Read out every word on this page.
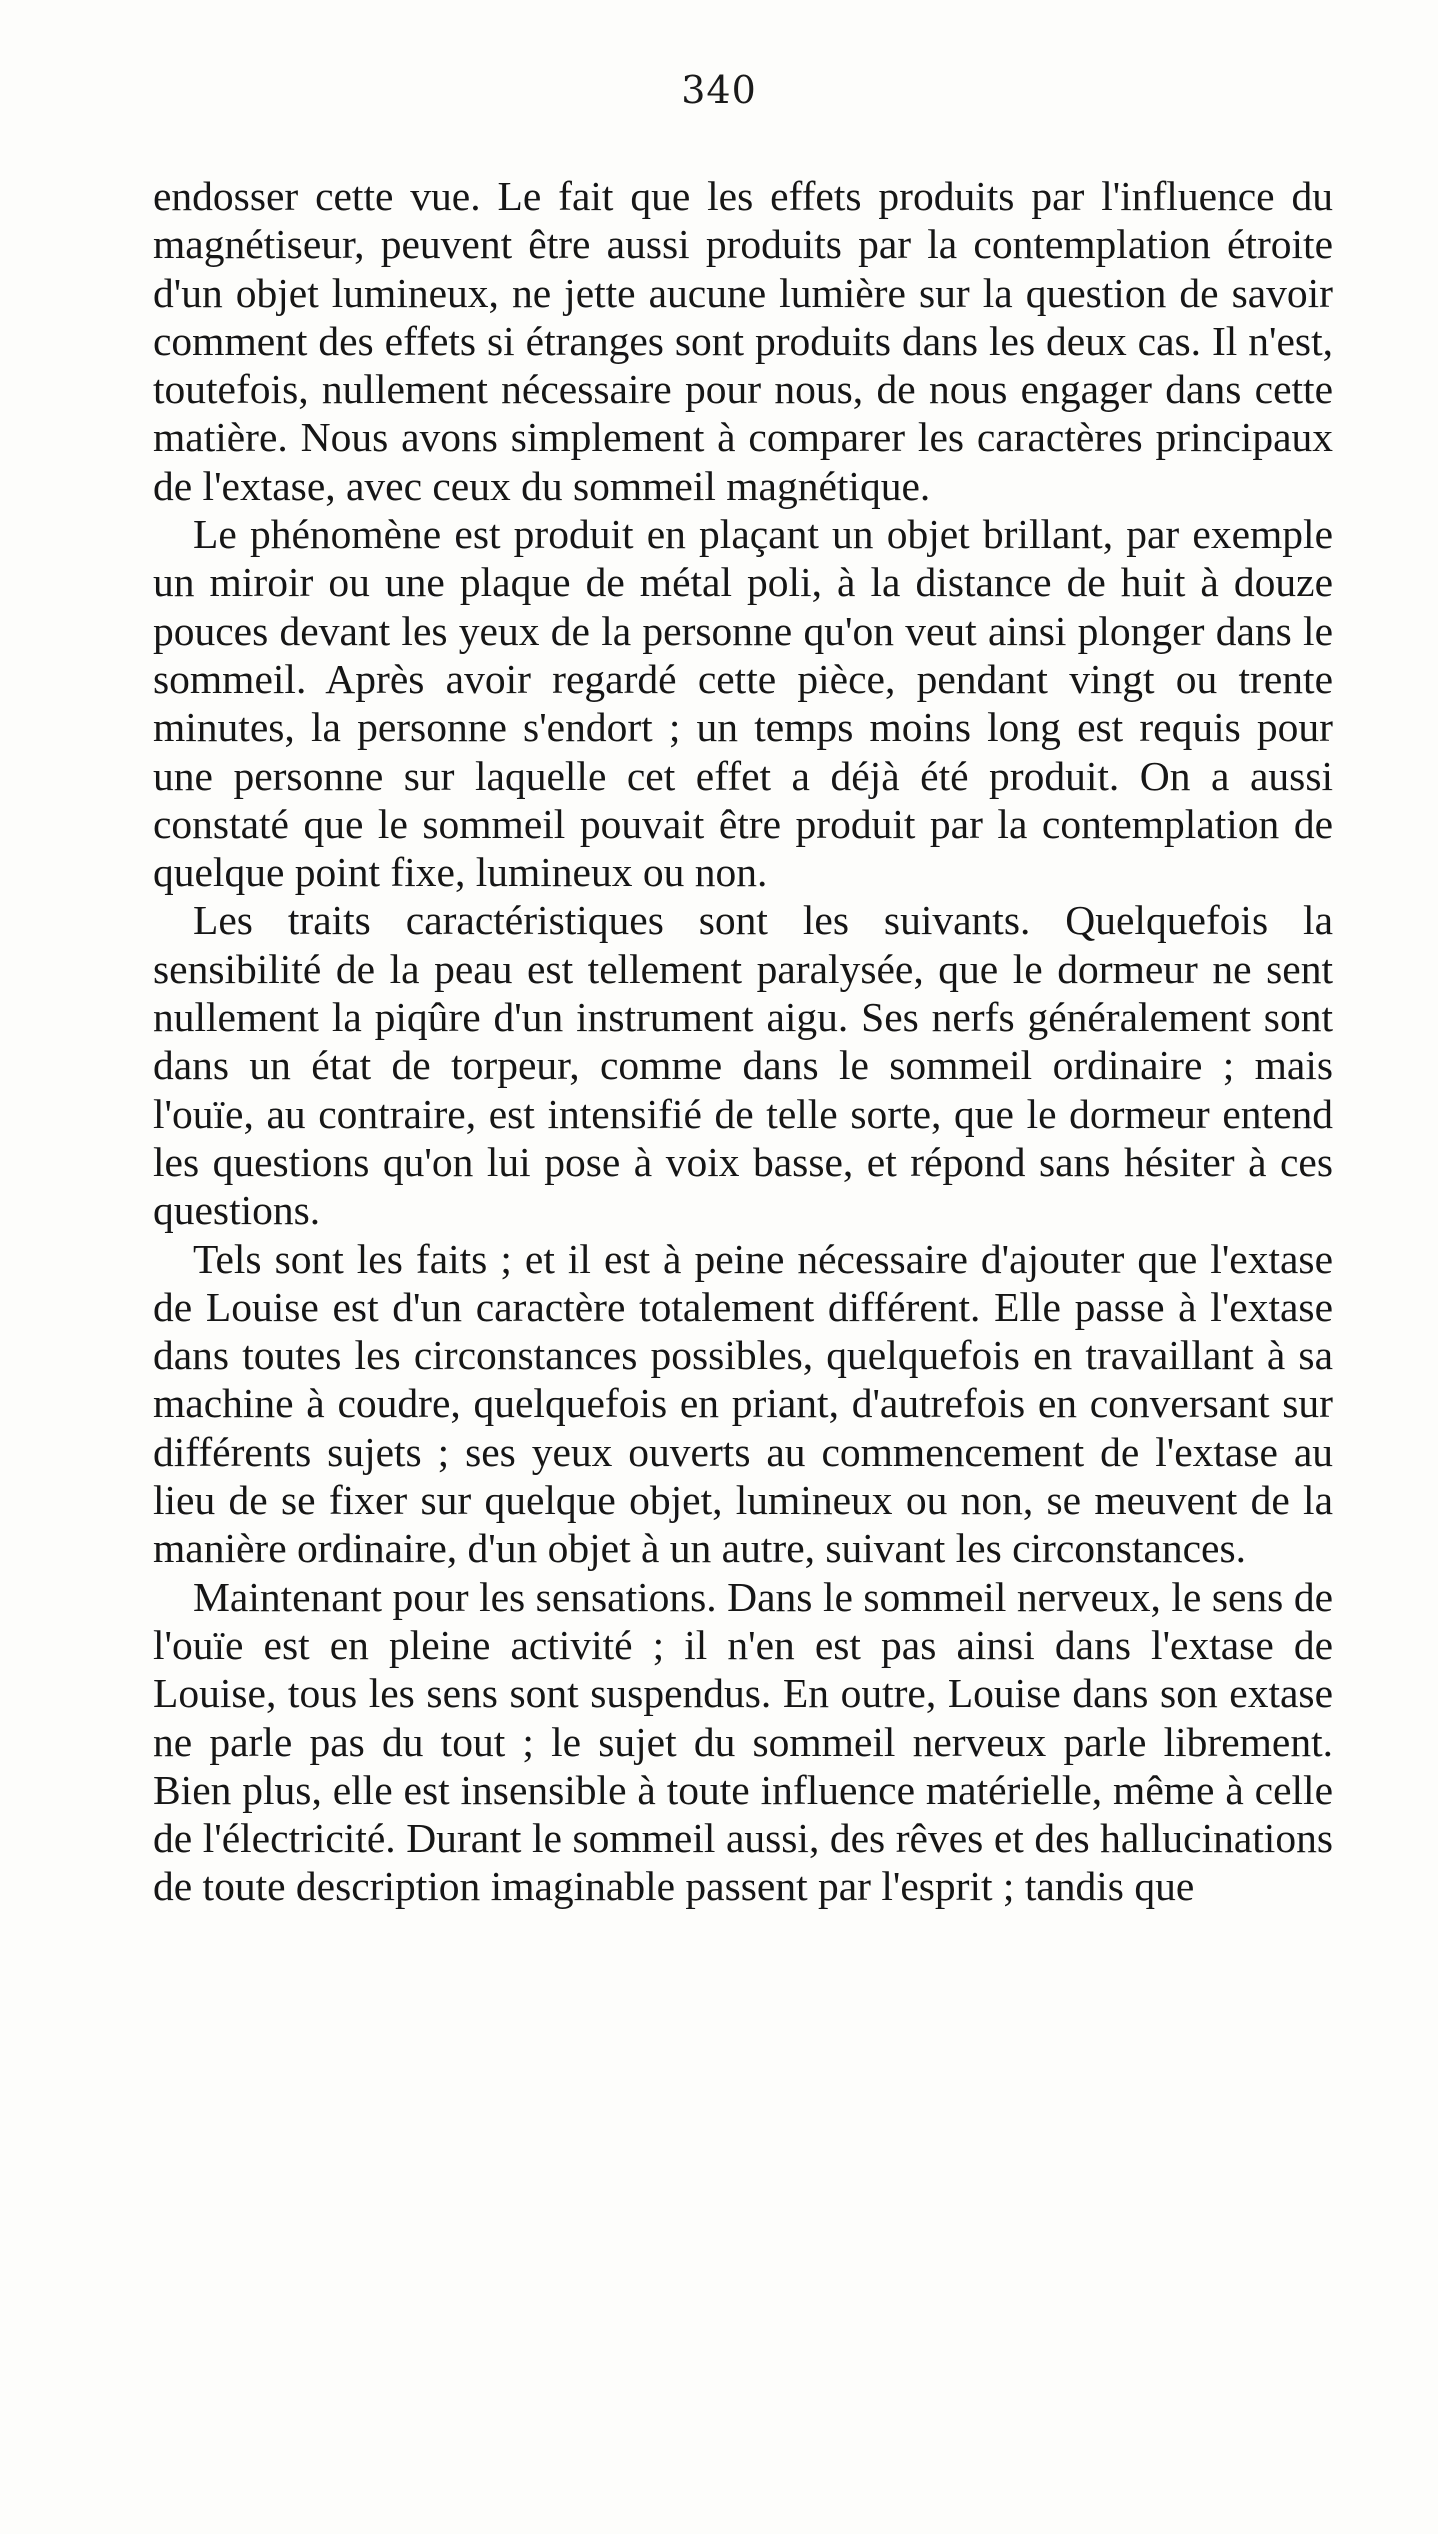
340

endosser cette vue. Le fait que les effets produits par l'influence du magnétiseur, peuvent être aussi produits par la contemplation étroite d'un objet lumineux, ne jette aucune lumière sur la question de savoir comment des effets si étranges sont produits dans les deux cas. Il n'est, toutefois, nullement nécessaire pour nous, de nous engager dans cette matière. Nous avons simplement à comparer les caractères principaux de l'extase, avec ceux du sommeil magnétique.

Le phénomène est produit en plaçant un objet brillant, par exemple un miroir ou une plaque de métal poli, à la distance de huit à douze pouces devant les yeux de la personne qu'on veut ainsi plonger dans le sommeil. Après avoir regardé cette pièce, pendant vingt ou trente minutes, la personne s'endort ; un temps moins long est requis pour une personne sur laquelle cet effet a déjà été produit. On a aussi constaté que le sommeil pouvait être produit par la contemplation de quelque point fixe, lumineux ou non.

Les traits caractéristiques sont les suivants. Quelquefois la sensibilité de la peau est tellement paralysée, que le dormeur ne sent nullement la piqûre d'un instrument aigu. Ses nerfs généralement sont dans un état de torpeur, comme dans le sommeil ordinaire ; mais l'ouïe, au contraire, est intensifié de telle sorte, que le dormeur entend les questions qu'on lui pose à voix basse, et répond sans hésiter à ces questions.

Tels sont les faits ; et il est à peine nécessaire d'ajouter que l'extase de Louise est d'un caractère totalement différent. Elle passe à l'extase dans toutes les circonstances possibles, quelquefois en travaillant à sa machine à coudre, quelquefois en priant, d'autrefois en conversant sur différents sujets ; ses yeux ouverts au commencement de l'extase au lieu de se fixer sur quelque objet, lumineux ou non, se meuvent de la manière ordinaire, d'un objet à un autre, suivant les circonstances.

Maintenant pour les sensations. Dans le sommeil nerveux, le sens de l'ouïe est en pleine activité ; il n'en est pas ainsi dans l'extase de Louise, tous les sens sont suspendus. En outre, Louise dans son extase ne parle pas du tout ; le sujet du sommeil nerveux parle librement. Bien plus, elle est insensible à toute influence matérielle, même à celle de l'électricité. Durant le sommeil aussi, des rêves et des hallucinations de toute description imaginable passent par l'esprit ; tandis que
